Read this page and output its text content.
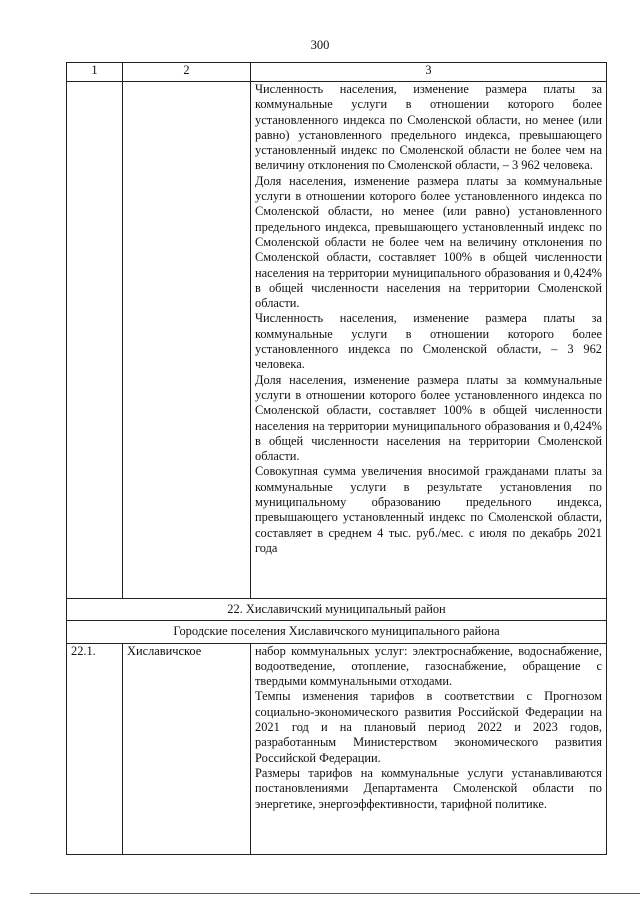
300
1	2	3

		Численность населения, изменение размера платы за коммунальные услуги в отношении которого более установленного индекса по Смоленской области, но менее (или равно) установленного предельного индекса, превышающего установленный индекс по Смоленской области не более чем на величину отклонения по Смоленской области, – 3 962 человека.

Доля населения, изменение размера платы за коммунальные услуги в отношении которого более установленного индекса по Смоленской области, но менее (или равно) установленного предельного индекса, превышающего установленный индекс по Смоленской области не более чем на величину отклонения по Смоленской области, составляет 100% в общей численности населения на территории муниципального образования и 0,424% в общей численности населения на территории Смоленской области.

Численность населения, изменение размера платы за коммунальные услуги в отношении которого более установленного индекса по Смоленской области, – 3 962 человека.

Доля населения, изменение размера платы за коммунальные услуги в отношении которого более установленного индекса по Смоленской области, составляет 100% в общей численности населения на территории муниципального образования и 0,424% в общей численности населения на территории Смоленской области.

Совокупная сумма увеличения вносимой гражданами платы за коммунальные услуги в результате установления по муниципальному образованию предельного индекса, превышающего установленный индекс по Смоленской области, составляет в среднем 4 тыс. руб./мес. с июля по декабрь 2021 года

22. Хиславичский муниципальный район		
Городские поселения Хиславичского муниципального района		
22.1.	Хиславичское	набор коммунальных услуг: электроснабжение, водоснабжение, водоотведение, отопление, газоснабжение, обращение с твердыми коммунальными отходами.

Темпы изменения тарифов в соответствии с Прогнозом социально-экономического развития Российской Федерации на 2021 год и на плановый период 2022 и 2023 годов, разработанным Министерством экономического развития Российской Федерации.

Размеры тарифов на коммунальные услуги устанавливаются постановлениями Департамента Смоленской области по энергетике, энергоэффективности, тарифной политике.
